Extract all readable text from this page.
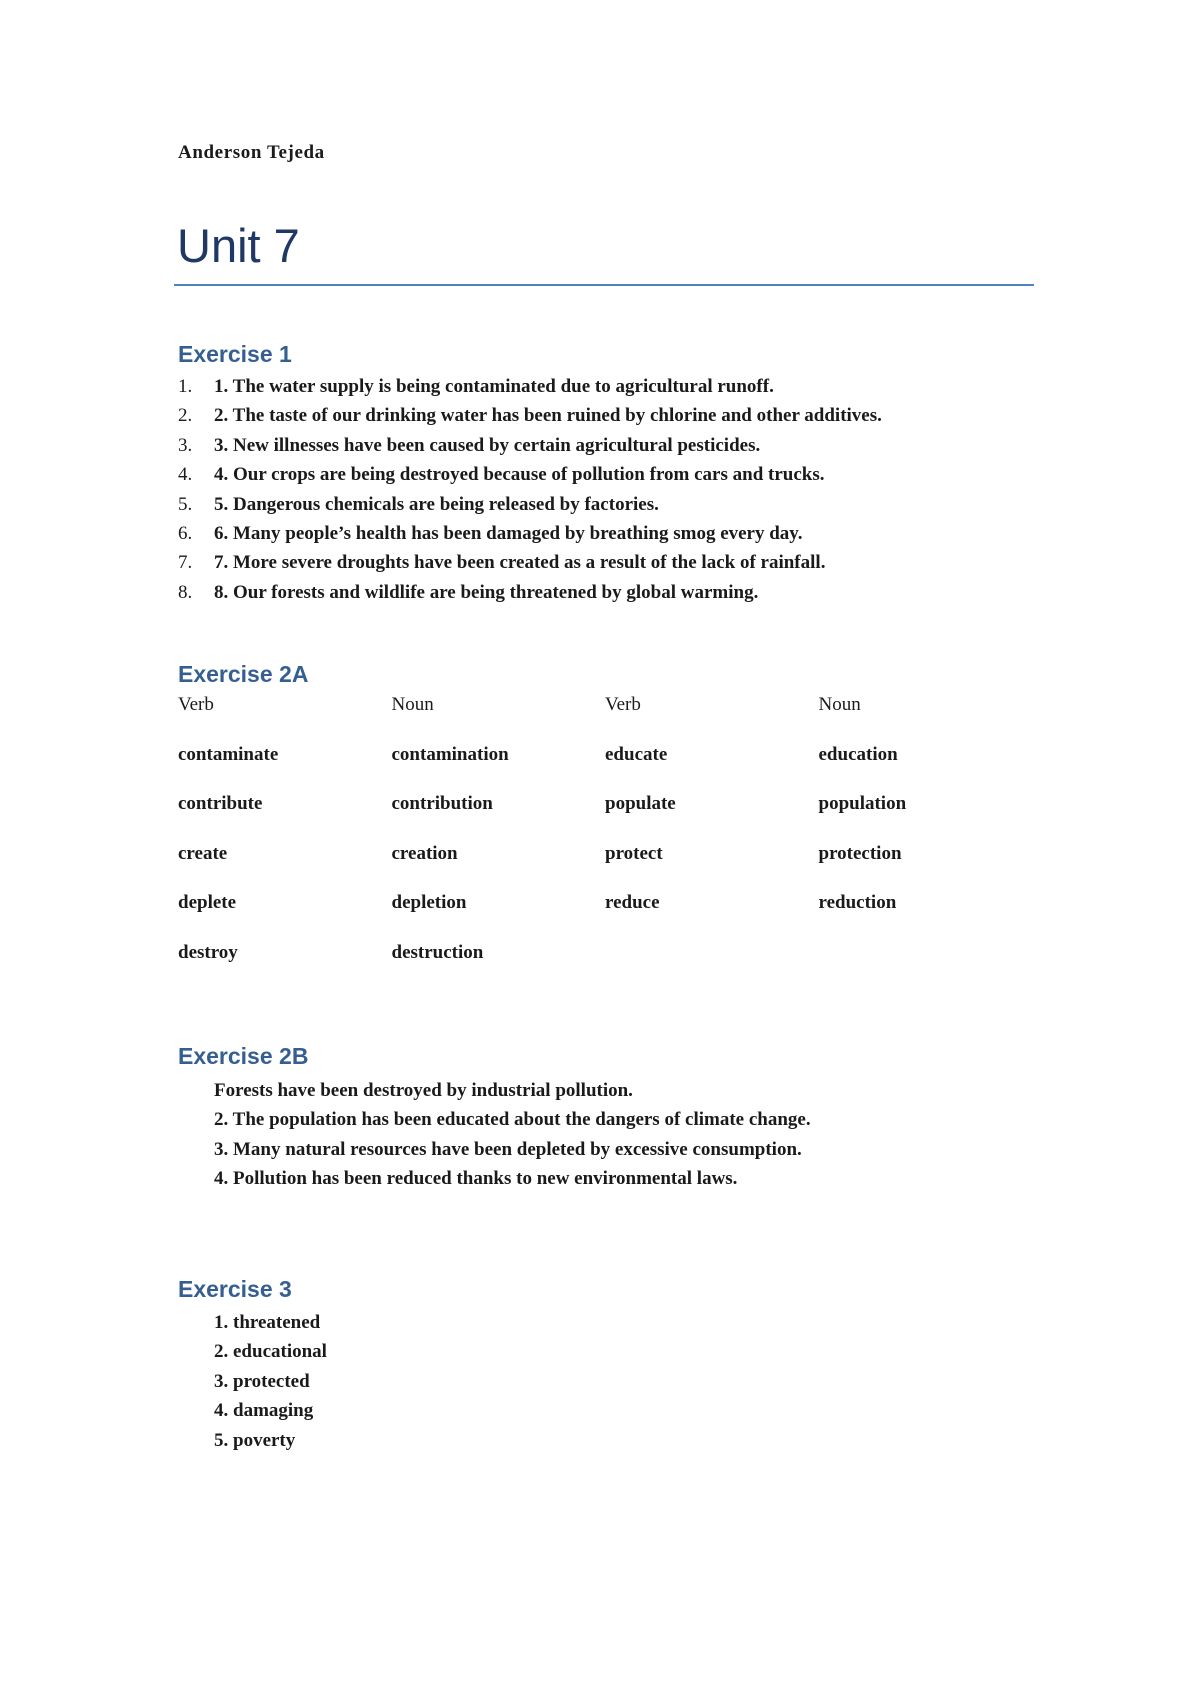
Anderson Tejeda
Unit 7
Exercise 1
1. 1. The water supply is being contaminated due to agricultural runoff.
2. 2. The taste of our drinking water has been ruined by chlorine and other additives.
3. 3. New illnesses have been caused by certain agricultural pesticides.
4. 4. Our crops are being destroyed because of pollution from cars and trucks.
5. 5. Dangerous chemicals are being released by factories.
6. 6. Many people’s health has been damaged by breathing smog every day.
7. 7. More severe droughts have been created as a result of the lack of rainfall.
8. 8. Our forests and wildlife are being threatened by global warming.
Exercise 2A
Verb	Noun	Verb	Noun
contaminate	contamination	educate	education
contribute	contribution	populate	population
create	creation	protect	protection
deplete	depletion	reduce	reduction
destroy	destruction
Exercise 2B
Forests have been destroyed by industrial pollution.
2. The population has been educated about the dangers of climate change.
3. Many natural resources have been depleted by excessive consumption.
4. Pollution has been reduced thanks to new environmental laws.
Exercise 3
1. threatened
2. educational
3. protected
4. damaging
5. poverty
